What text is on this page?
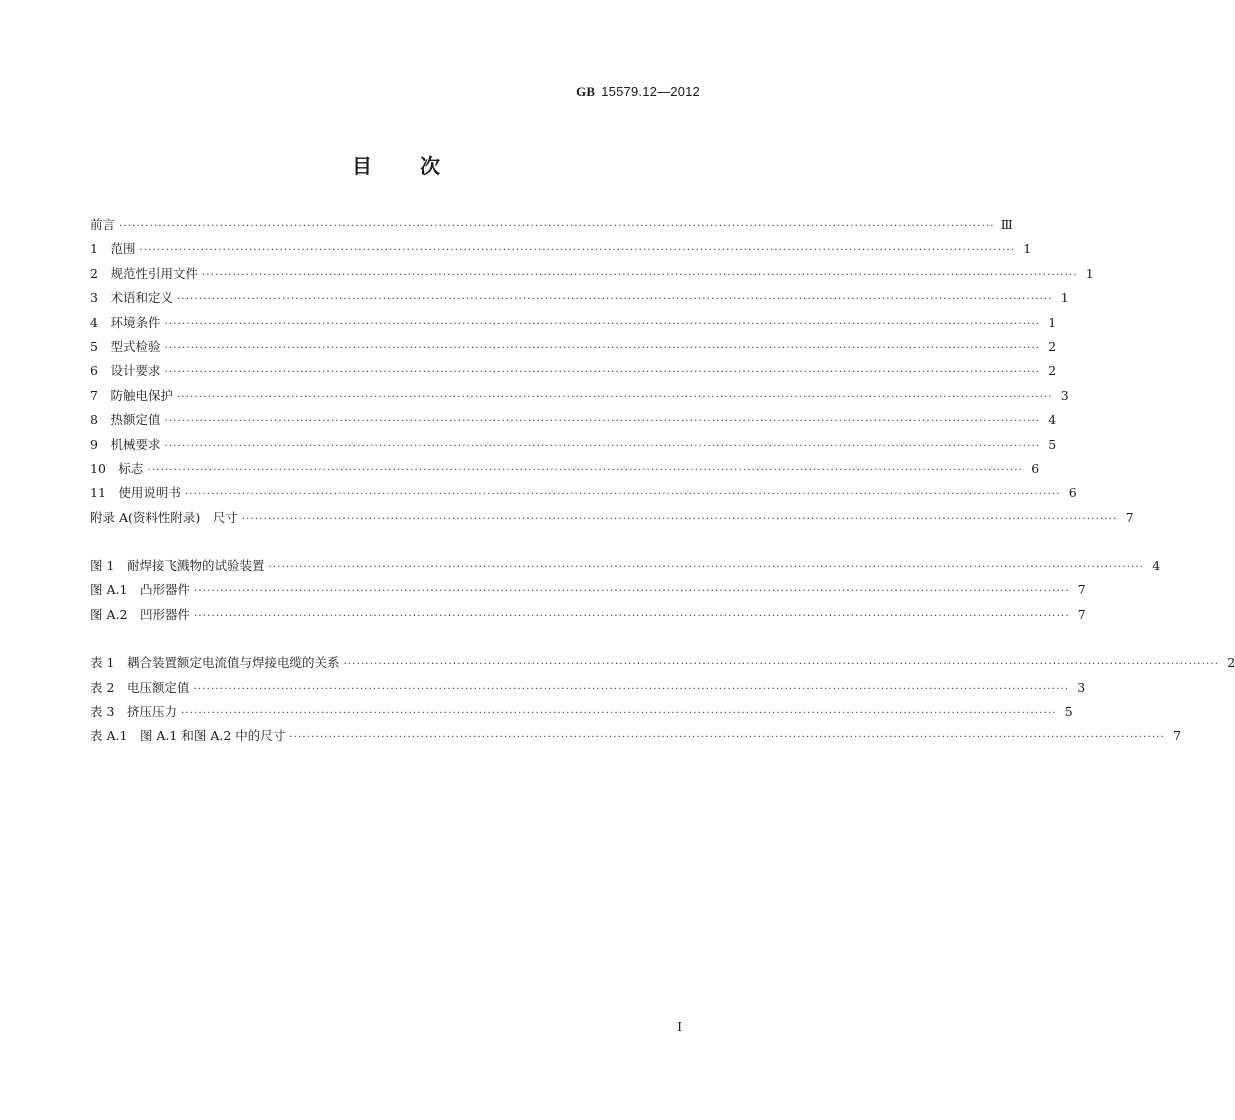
GB 15579.12—2012
目 次
前言 ········································································································································································································ Ⅲ
1
　 范围 ········································································································································································································ 1
2
　 规范性引用文件 ········································································································································································································ 1
3
　 术语和定义 ········································································································································································································ 1
4
　 环境条件 ········································································································································································································ 1
5
　 型式检验 ········································································································································································································ 2
6
　 设计要求 ········································································································································································································ 2
7
　 防触电保护 ········································································································································································································ 3
8
　 热额定值 ········································································································································································································ 4
9
　 机械要求 ········································································································································································································ 5
10
　 标志 ········································································································································································································ 6
11
　 使用说明书 ········································································································································································································ 6
附录 A(资料性附录)　尺寸 ········································································································································································································ 7
图 1
　 耐焊接飞溅物的试验装置 ········································································································································································································ 4
图 A.1
　 凸形器件 ········································································································································································································ 7
图 A.2
　 凹形器件 ········································································································································································································ 7
表 1
　 耦合装置额定电流值与焊接电缆的关系 ········································································································································································································ 2
表 2
　 电压额定值 ········································································································································································································ 3
表 3
　 挤压压力 ········································································································································································································ 5
表 A.1
　 图 A.1 和图 A.2 中的尺寸 ········································································································································································································ 7
I
